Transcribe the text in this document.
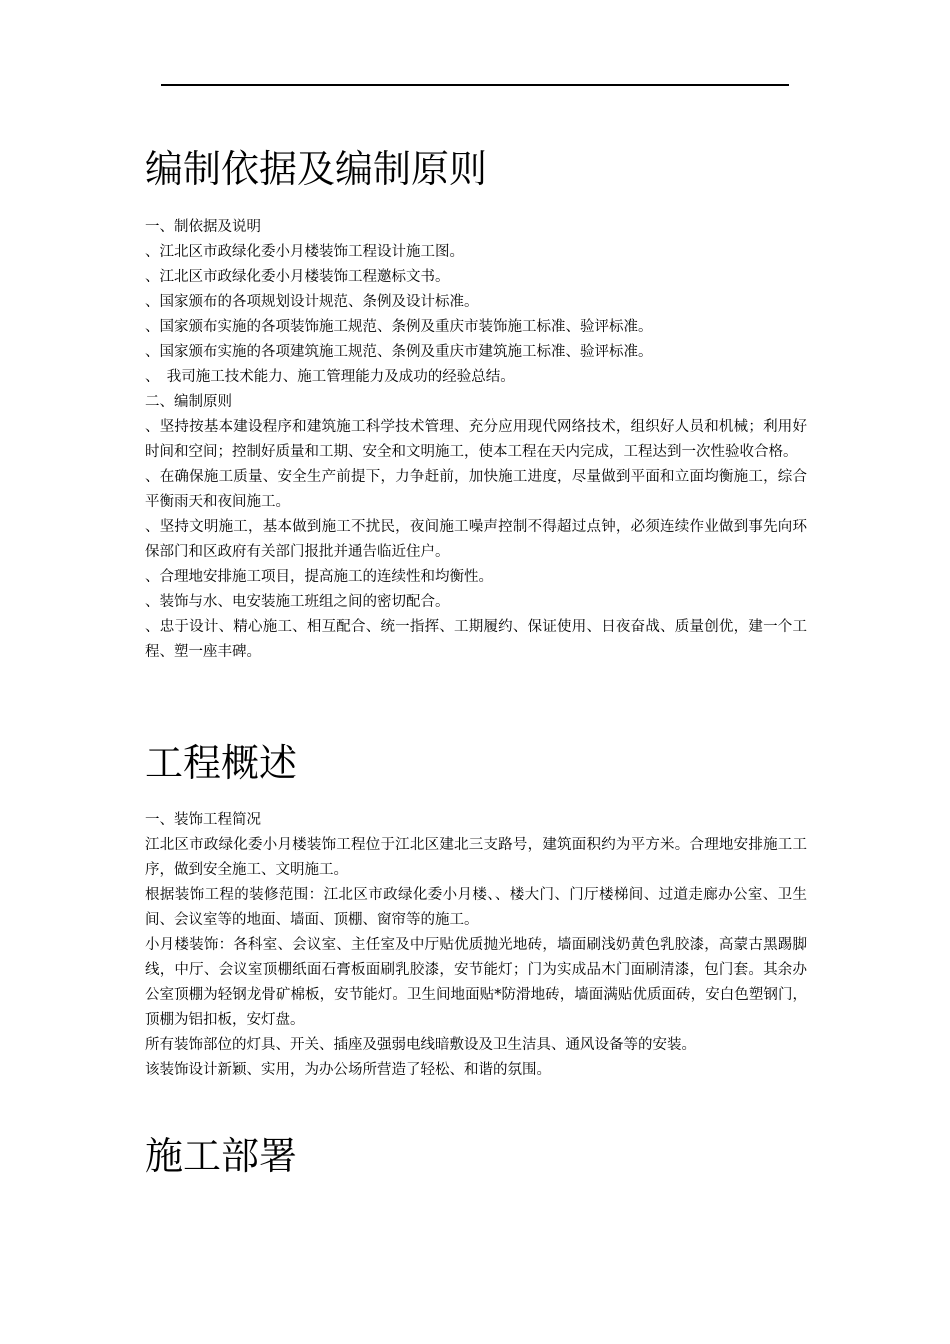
编制依据及编制原则

一、制依据及说明

、江北区市政绿化委小月楼装饰工程设计施工图。

、江北区市政绿化委小月楼装饰工程邀标文书。

、国家颁布的各项规划设计规范、条例及设计标准。

、国家颁布实施的各项装饰施工规范、条例及重庆市装饰施工标准、验评标准。

、国家颁布实施的各项建筑施工规范、条例及重庆市建筑施工标准、验评标准。

、　我司施工技术能力、施工管理能力及成功的经验总结。

二、编制原则

、坚持按基本建设程序和建筑施工科学技术管理、充分应用现代网络技术，组织好人员和机械；利用好时间和空间；控制好质量和工期、安全和文明施工，使本工程在天内完成，工程达到一次性验收合格。

、在确保施工质量、安全生产前提下，力争赶前，加快施工进度，尽量做到平面和立面均衡施工，综合平衡雨天和夜间施工。

、坚持文明施工，基本做到施工不扰民，夜间施工噪声控制不得超过点钟，必须连续作业做到事先向环保部门和区政府有关部门报批并通告临近住户。

、合理地安排施工项目，提高施工的连续性和均衡性。

、装饰与水、电安装施工班组之间的密切配合。

、忠于设计、精心施工、相互配合、统一指挥、工期履约、保证使用、日夜奋战、质量创优，建一个工程、塑一座丰碑。

工程概述

一、装饰工程简况

江北区市政绿化委小月楼装饰工程位于江北区建北三支路号，建筑面积约为平方米。合理地安排施工工序，做到安全施工、文明施工。

根据装饰工程的装修范围：江北区市政绿化委小月楼、、楼大门、门厅楼梯间、过道走廊办公室、卫生间、会议室等的地面、墙面、顶棚、窗帘等的施工。

小月楼装饰：各科室、会议室、主任室及中厅贴优质抛光地砖，墙面刷浅奶黄色乳胶漆，高蒙古黑踢脚线，中厅、会议室顶棚纸面石膏板面刷乳胶漆，安节能灯；门为实成品木门面刷清漆，包门套。其余办公室顶棚为轻钢龙骨矿棉板，安节能灯。卫生间地面贴*防滑地砖，墙面满贴优质面砖，安白色塑钢门，顶棚为铝扣板，安灯盘。

所有装饰部位的灯具、开关、插座及强弱电线暗敷设及卫生洁具、通风设备等的安装。

该装饰设计新颖、实用，为办公场所营造了轻松、和谐的氛围。

施工部署
